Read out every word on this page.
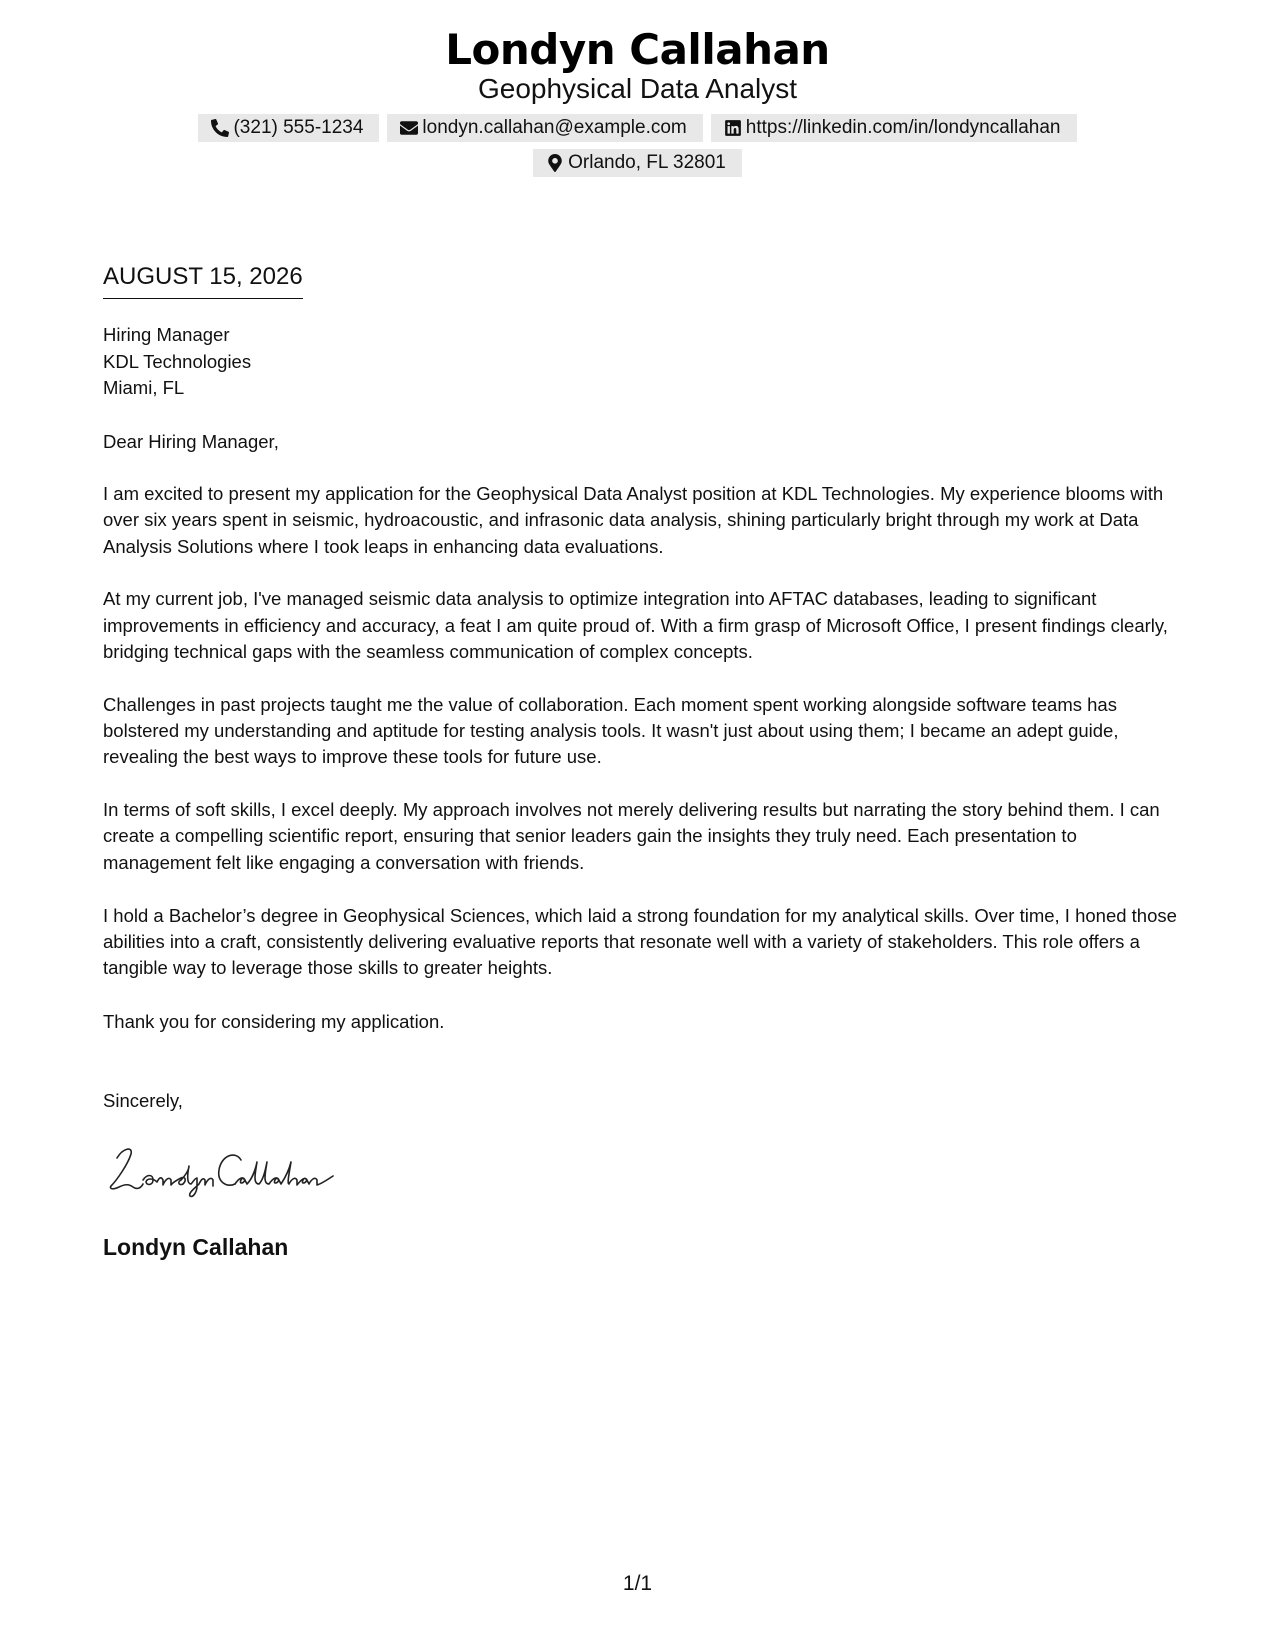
Londyn Callahan
Geophysical Data Analyst
(321) 555-1234	londyn.callahan@example.com	https://linkedin.com/in/londyncallahan
Orlando, FL 32801
AUGUST 15, 2026
Hiring Manager
KDL Technologies
Miami, FL
Dear Hiring Manager,

I am excited to present my application for the Geophysical Data Analyst position at KDL Technologies. My experience blooms with over six years spent in seismic, hydroacoustic, and infrasonic data analysis, shining particularly bright through my work at Data Analysis Solutions where I took leaps in enhancing data evaluations.

At my current job, I've managed seismic data analysis to optimize integration into AFTAC databases, leading to significant improvements in efficiency and accuracy, a feat I am quite proud of. With a firm grasp of Microsoft Office, I present findings clearly, bridging technical gaps with the seamless communication of complex concepts.

Challenges in past projects taught me the value of collaboration. Each moment spent working alongside software teams has bolstered my understanding and aptitude for testing analysis tools. It wasn't just about using them; I became an adept guide, revealing the best ways to improve these tools for future use.

In terms of soft skills, I excel deeply. My approach involves not merely delivering results but narrating the story behind them. I can create a compelling scientific report, ensuring that senior leaders gain the insights they truly need. Each presentation to management felt like engaging a conversation with friends.

I hold a Bachelor’s degree in Geophysical Sciences, which laid a strong foundation for my analytical skills. Over time, I honed those abilities into a craft, consistently delivering evaluative reports that resonate well with a variety of stakeholders. This role offers a tangible way to leverage those skills to greater heights.

Thank you for considering my application.
Sincerely,
Londyn Callahan
1/1
